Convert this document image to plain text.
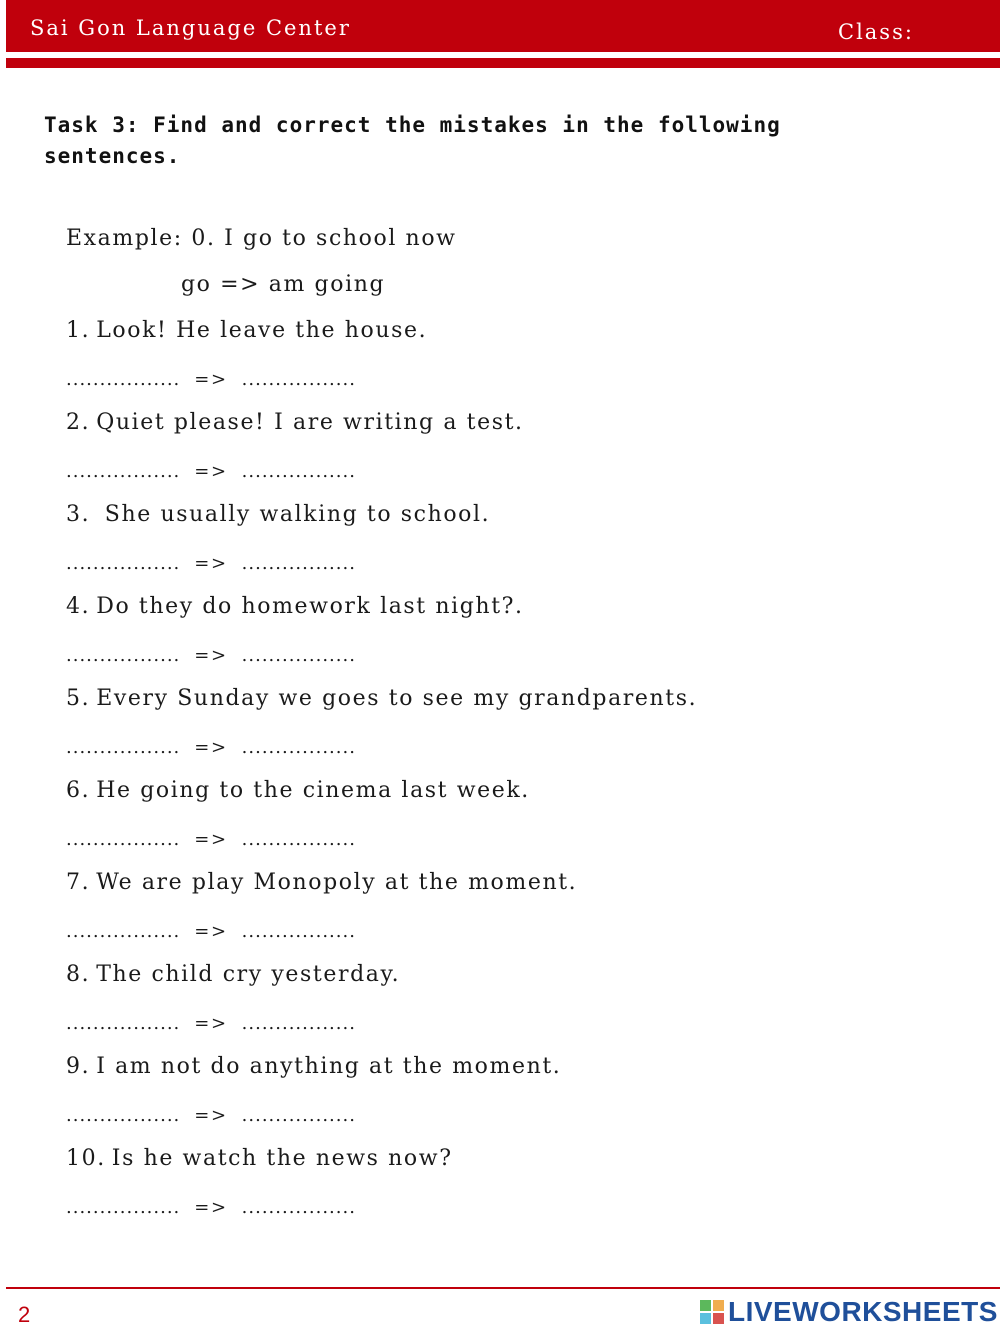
Sai Gon Language Center	Class:
Task 3: Find and correct the mistakes in the following sentences.
Example: 0. I go to school now
go => am going
1. Look! He leave the house.
................. => .................
2. Quiet please! I are writing a test.
................. => .................
3. She usually walking to school.
................. => .................
4. Do they do homework last night?.
................. => .................
5. Every Sunday we goes to see my grandparents.
................. => .................
6. He going to the cinema last week.
................. => .................
7. We are play Monopoly at the moment.
................. => .................
8. The child cry yesterday.
................. => .................
9. I am not do anything at the moment.
................. => .................
10. Is he watch the news now?
................. => .................
2	LIVEWORKSHEETS
